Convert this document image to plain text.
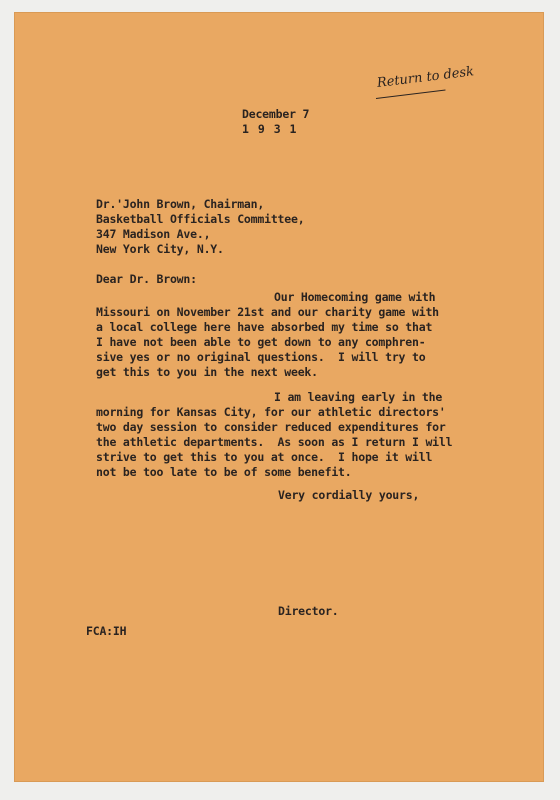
Return to desk
December 7
1 9 3 1
Dr.'John Brown, Chairman,
Basketball Officials Committee,
347 Madison Ave.,
New York City, N.Y.
Dear Dr. Brown:
Our Homecoming game with
Missouri on November 21st and our charity game with
a local college here have absorbed my time so that
I have not been able to get down to any comphren-
sive yes or no original questions.  I will try to
get this to you in the next week.
I am leaving early in the
morning for Kansas City, for our athletic directors'
two day session to consider reduced expenditures for
the athletic departments.  As soon as I return I will
strive to get this to you at once.  I hope it will
not be too late to be of some benefit.
Very cordially yours,
Director.
FCA:IH
